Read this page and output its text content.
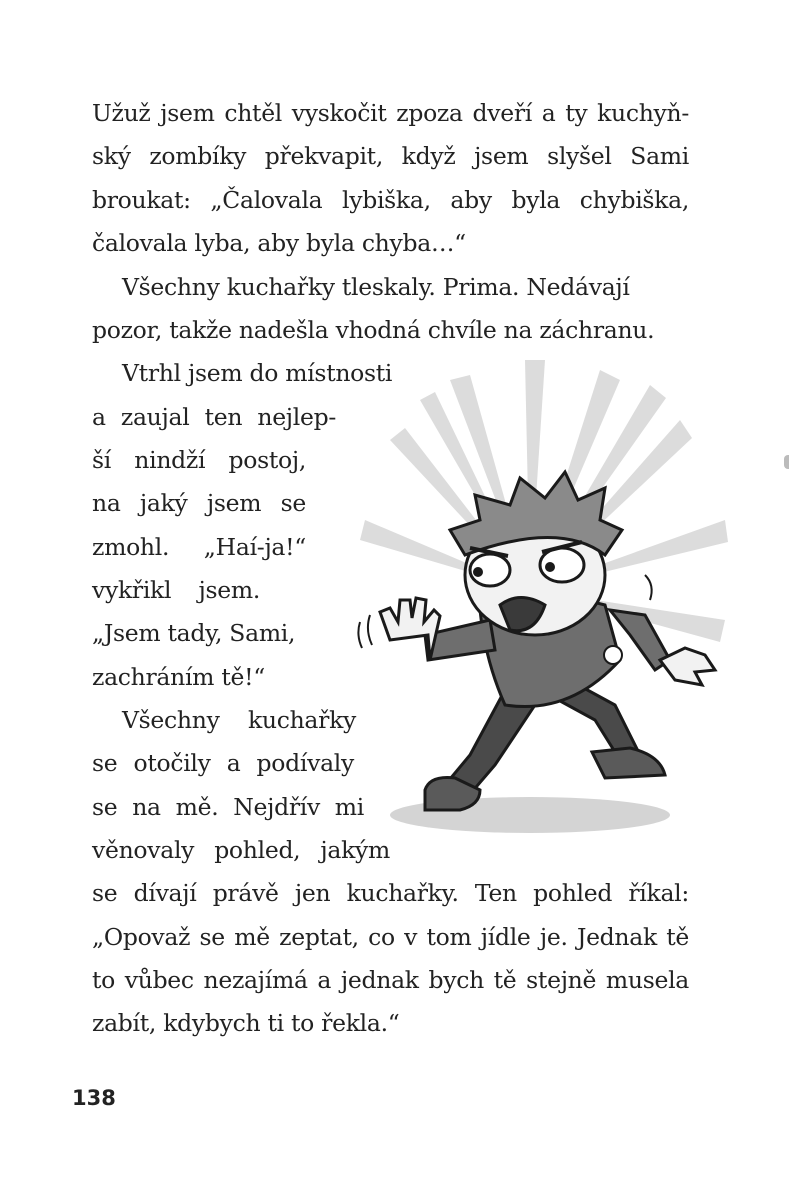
Užuž jsem chtěl vyskočit zpoza dveří a ty kuchyň-
ský zombíky překvapit, když jsem slyšel Sami
broukat: „Čalovala lybiška, aby byla chybiška,
čalovala lyba, aby byla chyba…“
Všechny kuchařky tleskaly. Prima. Nedávají
pozor, takže nadešla vhodná chvíle na záchranu.
Vtrhl jsem do místnosti
a zaujal ten nejlep-
ší nindží postoj,
na jaký jsem se
zmohl. „Haí-ja!“
vykřikl jsem.
„Jsem tady, Sami,
zachráním tě!“
Všechny kuchařky
se otočily a podívaly
se na mě. Nejdřív mi
věnovaly pohled, jakým
se dívají právě jen kuchařky. Ten pohled říkal:
„Opovaž se mě zeptat, co v tom jídle je. Jednak tě
to vůbec nezajímá a jednak bych tě stejně musela
zabít, kdybych ti to řekla.“
138
